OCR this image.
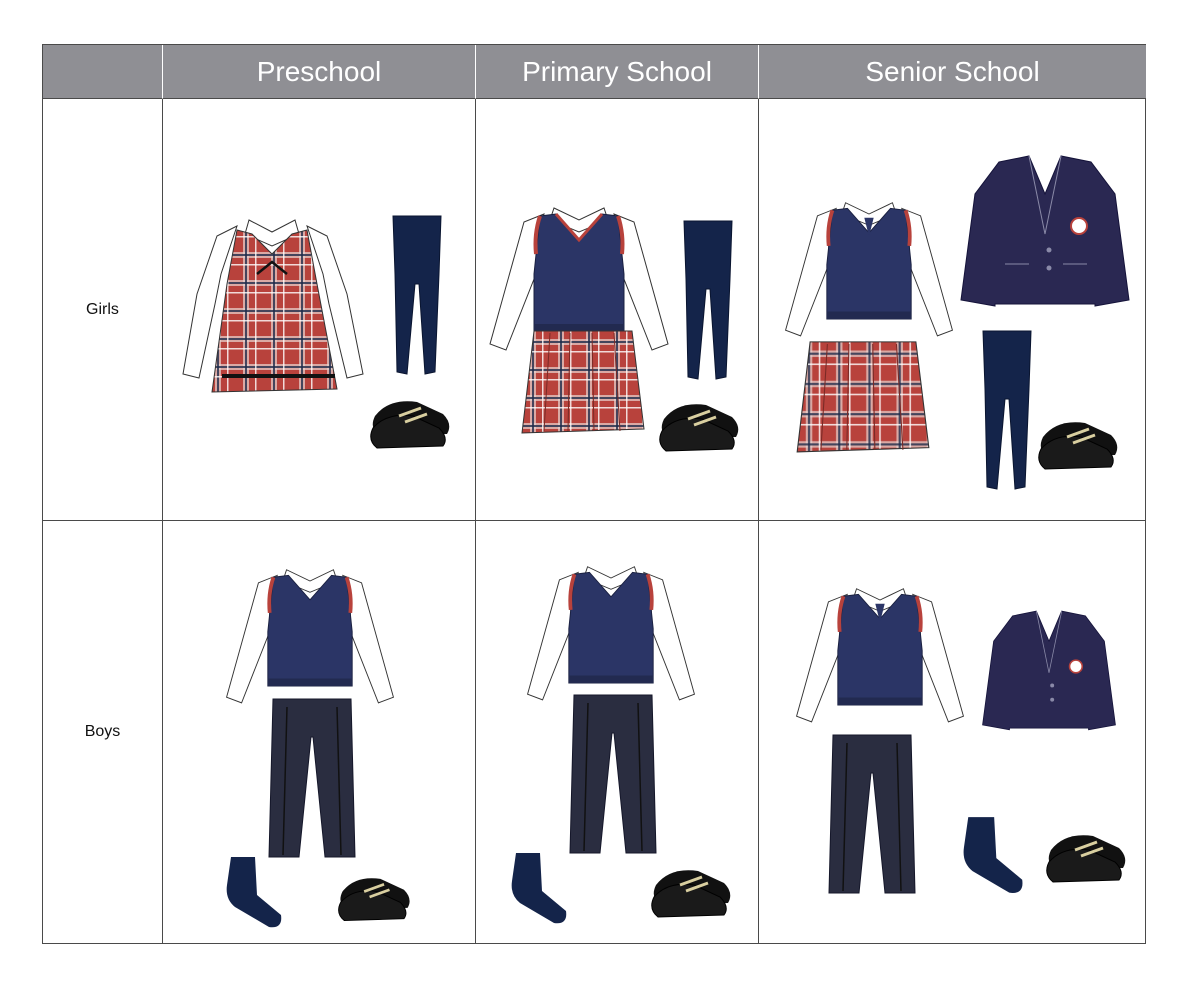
Preschool	Primary School	Senior School
Girls
Boys
